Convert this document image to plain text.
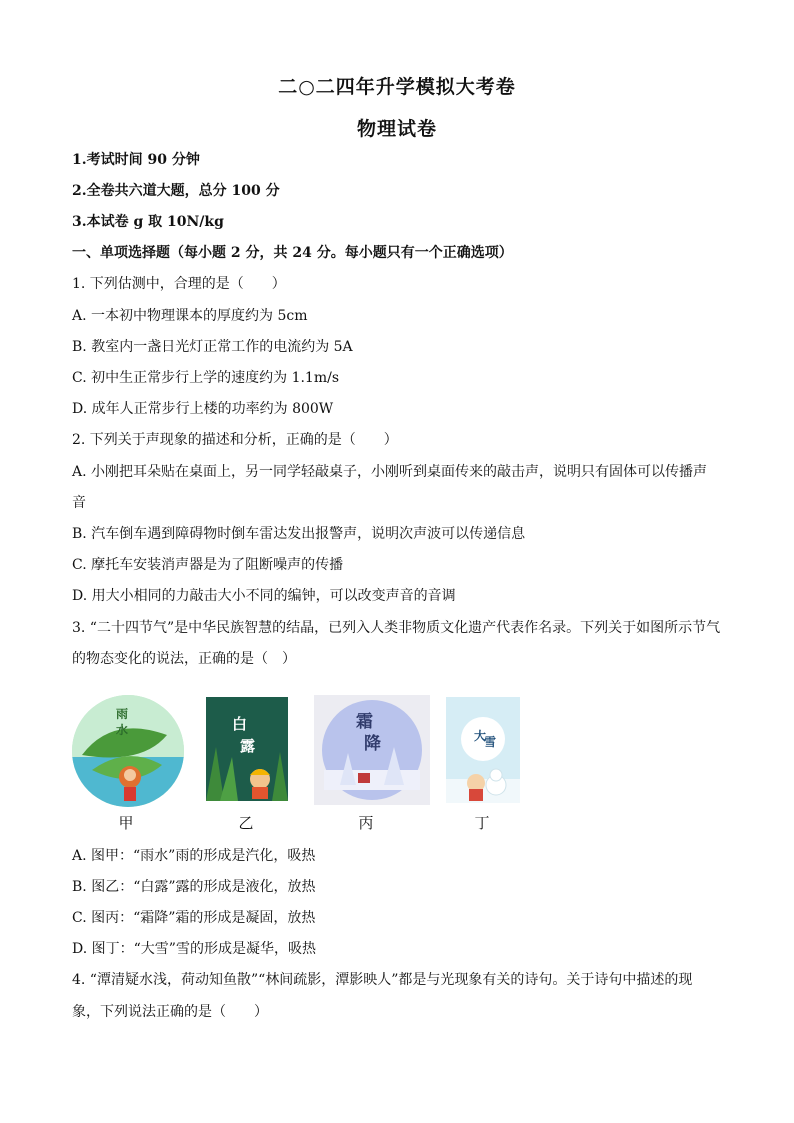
二○二四年升学模拟大考卷
物理试卷
1.考试时间 90 分钟
2.全卷共六道大题，总分 100 分
3.本试卷 g 取 10N/kg
一、单项选择题（每小题 2 分，共 24 分。每小题只有一个正确选项）
1. 下列估测中，合理的是（　　）
A. 一本初中物理课本的厚度约为 5cm
B. 教室内一盏日光灯正常工作的电流约为 5A
C. 初中生正常步行上学的速度约为 1.1m/s
D. 成年人正常步行上楼的功率约为 800W
2. 下列关于声现象的描述和分析，正确的是（　　）
A. 小刚把耳朵贴在桌面上，另一同学轻敲桌子，小刚听到桌面传来的敲击声，说明只有固体可以传播声
音
B. 汽车倒车遇到障碍物时倒车雷达发出报警声，说明次声波可以传递信息
C. 摩托车安装消声器是为了阻断噪声的传播
D. 用大小相同的力敲击大小不同的编钟，可以改变声音的音调
3. “二十四节气”是中华民族智慧的结晶，已列入人类非物质文化遗产代表作名录。下列关于如图所示节气
的物态变化的说法，正确的是（　）
雨
水	白
露
霜
降	大
雪
甲	乙	丙	丁
A. 图甲：“雨水”雨的形成是汽化，吸热
B. 图乙：“白露”露的形成是液化，放热
C. 图丙：“霜降”霜的形成是凝固，放热
D. 图丁：“大雪”雪的形成是凝华，吸热
4. “潭清疑水浅，荷动知鱼散”“林间疏影，潭影映人”都是与光现象有关的诗句。关于诗句中描述的现
象，下列说法正确的是（　　）
